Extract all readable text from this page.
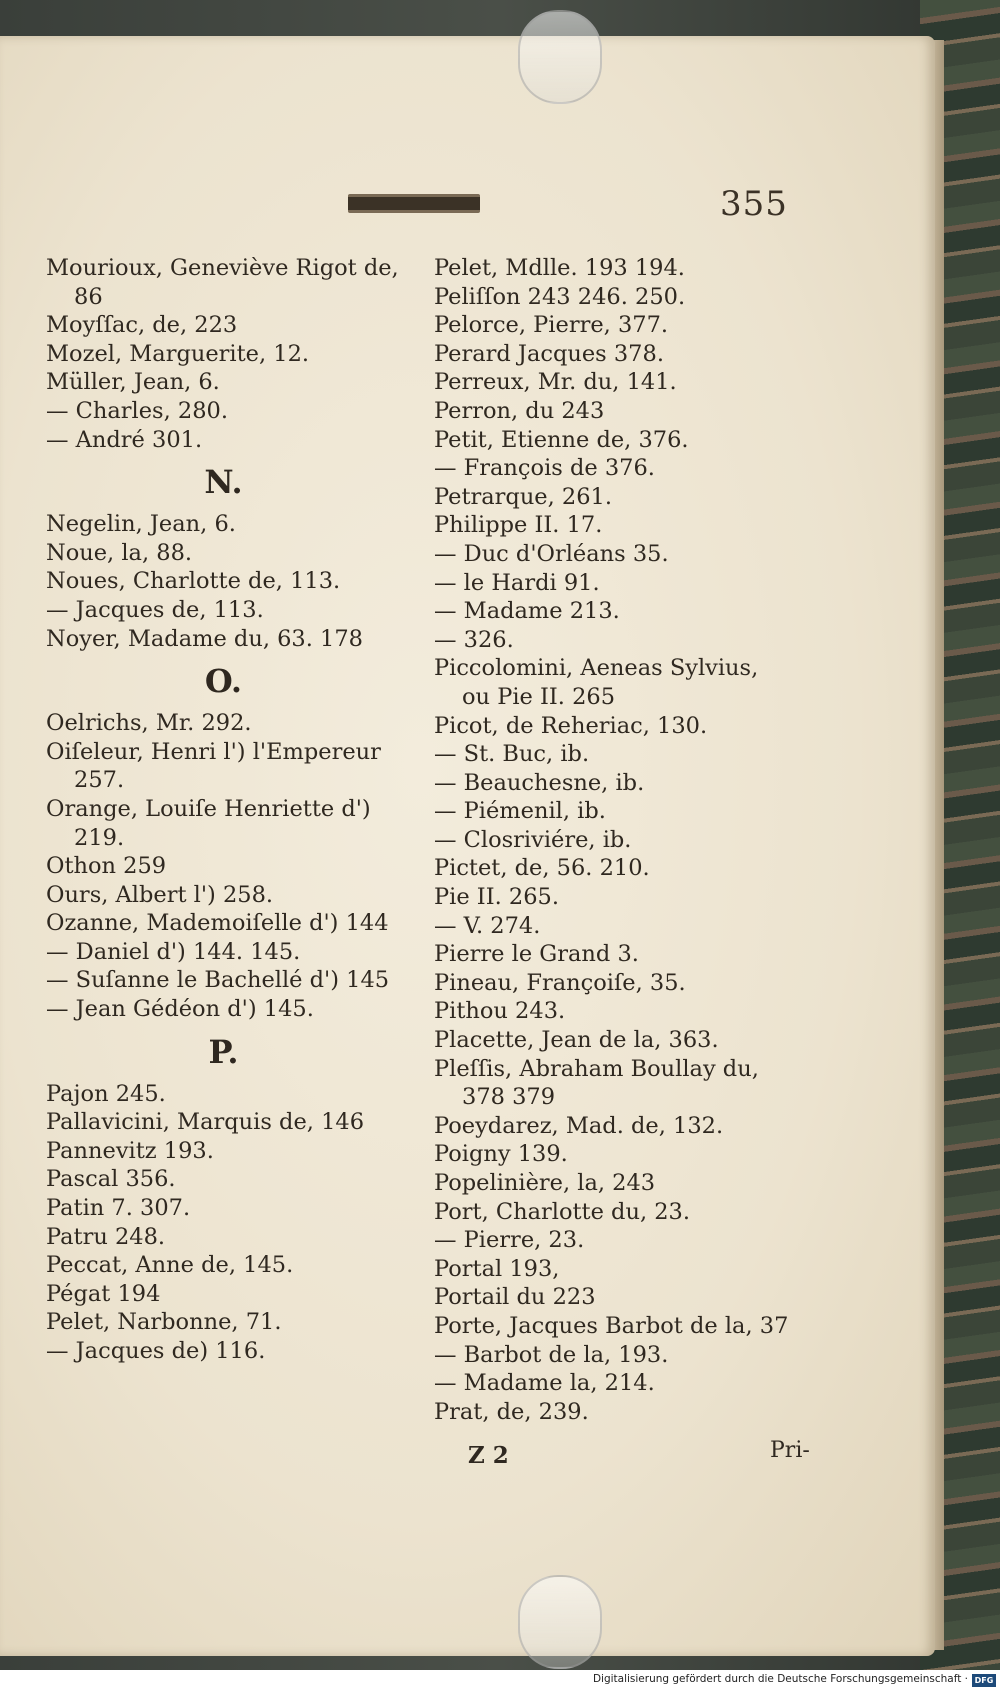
355
Mourioux, Geneviève Rigot de,
86
Moyſſac, de, 223
Mozel, Marguerite, 12.
Müller, Jean, 6.
— Charles, 280.
— André 301.
N.
Negelin, Jean, 6.
Noue, la, 88.
Noues, Charlotte de, 113.
— Jacques de, 113.
Noyer, Madame du, 63. 178
O.
Oelrichs, Mr. 292.
Oiſeleur, Henri l') l'Empereur
257.
Orange, Louiſe Henriette d')
219.
Othon 259
Ours, Albert l') 258.
Ozanne, Mademoiſelle d') 144
— Daniel d') 144. 145.
— Suſanne le Bachellé d') 145
— Jean Gédéon d') 145.
P.
Pajon 245.
Pallavicini, Marquis de, 146
Pannevitz 193.
Pascal 356.
Patin 7. 307.
Patru 248.
Peccat, Anne de, 145.
Pégat 194
Pelet, Narbonne, 71.
— Jacques de) 116.
Pelet, Mdlle. 193 194.
Peliſſon 243 246. 250.
Pelorce, Pierre, 377.
Perard Jacques 378.
Perreux, Mr. du, 141.
Perron, du 243
Petit, Etienne de, 376.
— François de 376.
Petrarque, 261.
Philippe II. 17.
— Duc d'Orléans 35.
— le Hardi 91.
— Madame 213.
— 326.
Piccolomini, Aeneas Sylvius,
ou Pie II. 265
Picot, de Reheriac, 130.
— St. Buc, ib.
— Beauchesne, ib.
— Piémenil, ib.
— Closriviére, ib.
Pictet, de, 56. 210.
Pie II. 265.
— V. 274.
Pierre le Grand 3.
Pineau, Françoiſe, 35.
Pithou 243.
Placette, Jean de la, 363.
Pleſſis, Abraham Boullay du,
378 379
Poeydarez, Mad. de, 132.
Poigny 139.
Popelinière, la, 243
Port, Charlotte du, 23.
— Pierre, 23.
Portal 193,
Portail du 223
Porte, Jacques Barbot de la, 37
— Barbot de la, 193.
— Madame la, 214.
Prat, de, 239.
Z 2	Pri-
Digitalisierung gefördert durch die Deutsche Forschungsgemeinschaft · DFG
